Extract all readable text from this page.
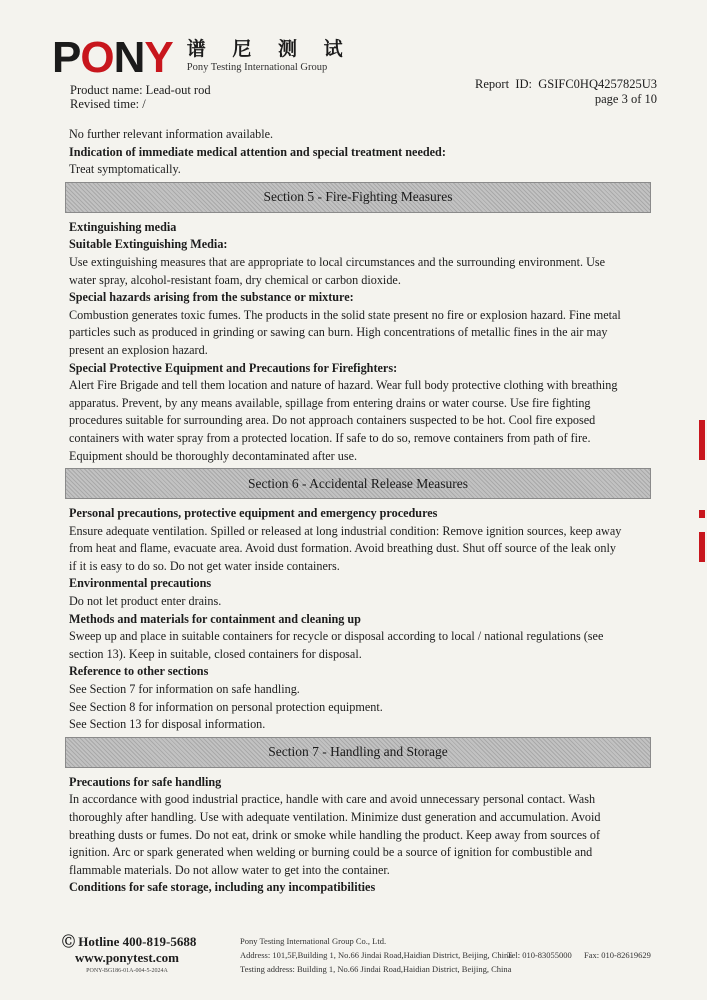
PONY 谱 尼 测 试
Pony Testing International Group
Product name: Lead-out rod
Revised time: /
Report  ID:  GSIFC0HQ4257825U3
page 3 of 10
No further relevant information available.
Indication of immediate medical attention and special treatment needed:
Treat symptomatically.
Section 5 - Fire-Fighting Measures
Extinguishing media
Suitable Extinguishing Media:
Use extinguishing measures that are appropriate to local circumstances and the surrounding environment. Use
water spray, alcohol-resistant foam, dry chemical or carbon dioxide.
Special hazards arising from the substance or mixture:
Combustion generates toxic fumes. The products in the solid state present no fire or explosion hazard. Fine metal
particles such as produced in grinding or sawing can burn. High concentrations of metallic fines in the air may
present an explosion hazard.
Special Protective Equipment and Precautions for Firefighters:
Alert Fire Brigade and tell them location and nature of hazard. Wear full body protective clothing with breathing
apparatus. Prevent, by any means available, spillage from entering drains or water course. Use fire fighting
procedures suitable for surrounding area. Do not approach containers suspected to be hot. Cool fire exposed
containers with water spray from a protected location. If safe to do so, remove containers from path of fire.
Equipment should be thoroughly decontaminated after use.
Section 6 - Accidental Release Measures
Personal precautions, protective equipment and emergency procedures
Ensure adequate ventilation. Spilled or released at long industrial condition: Remove ignition sources, keep away
from heat and flame, evacuate area. Avoid dust formation. Avoid breathing dust. Shut off source of the leak only
if it is easy to do so. Do not get water inside containers.
Environmental precautions
Do not let product enter drains.
Methods and materials for containment and cleaning up
Sweep up and place in suitable containers for recycle or disposal according to local / national regulations (see
section 13). Keep in suitable, closed containers for disposal.
Reference to other sections
See Section 7 for information on safe handling.
See Section 8 for information on personal protection equipment.
See Section 13 for disposal information.
Section 7 - Handling and Storage
Precautions for safe handling
In accordance with good industrial practice, handle with care and avoid unnecessary personal contact. Wash
thoroughly after handling. Use with adequate ventilation. Minimize dust generation and accumulation. Avoid
breathing dusts or fumes. Do not eat, drink or smoke while handling the product. Keep away from sources of
ignition. Arc or spark generated when welding or burning could be a source of ignition for combustible and
flammable materials. Do not allow water to get into the container.
Conditions for safe storage, including any incompatibilities
Ⓒ Hotline 400-819-5688
www.ponytest.com
PONY-BG186-01A-004-5-2024A
Pony Testing International Group Co., Ltd.
Address: 101,5F,Building 1, No.66 Jindai Road,Haidian District, Beijing, China
Tel: 010-83055000 Fax: 010-82619629
Testing address: Building 1, No.66 Jindai Road,Haidian District, Beijing, China
